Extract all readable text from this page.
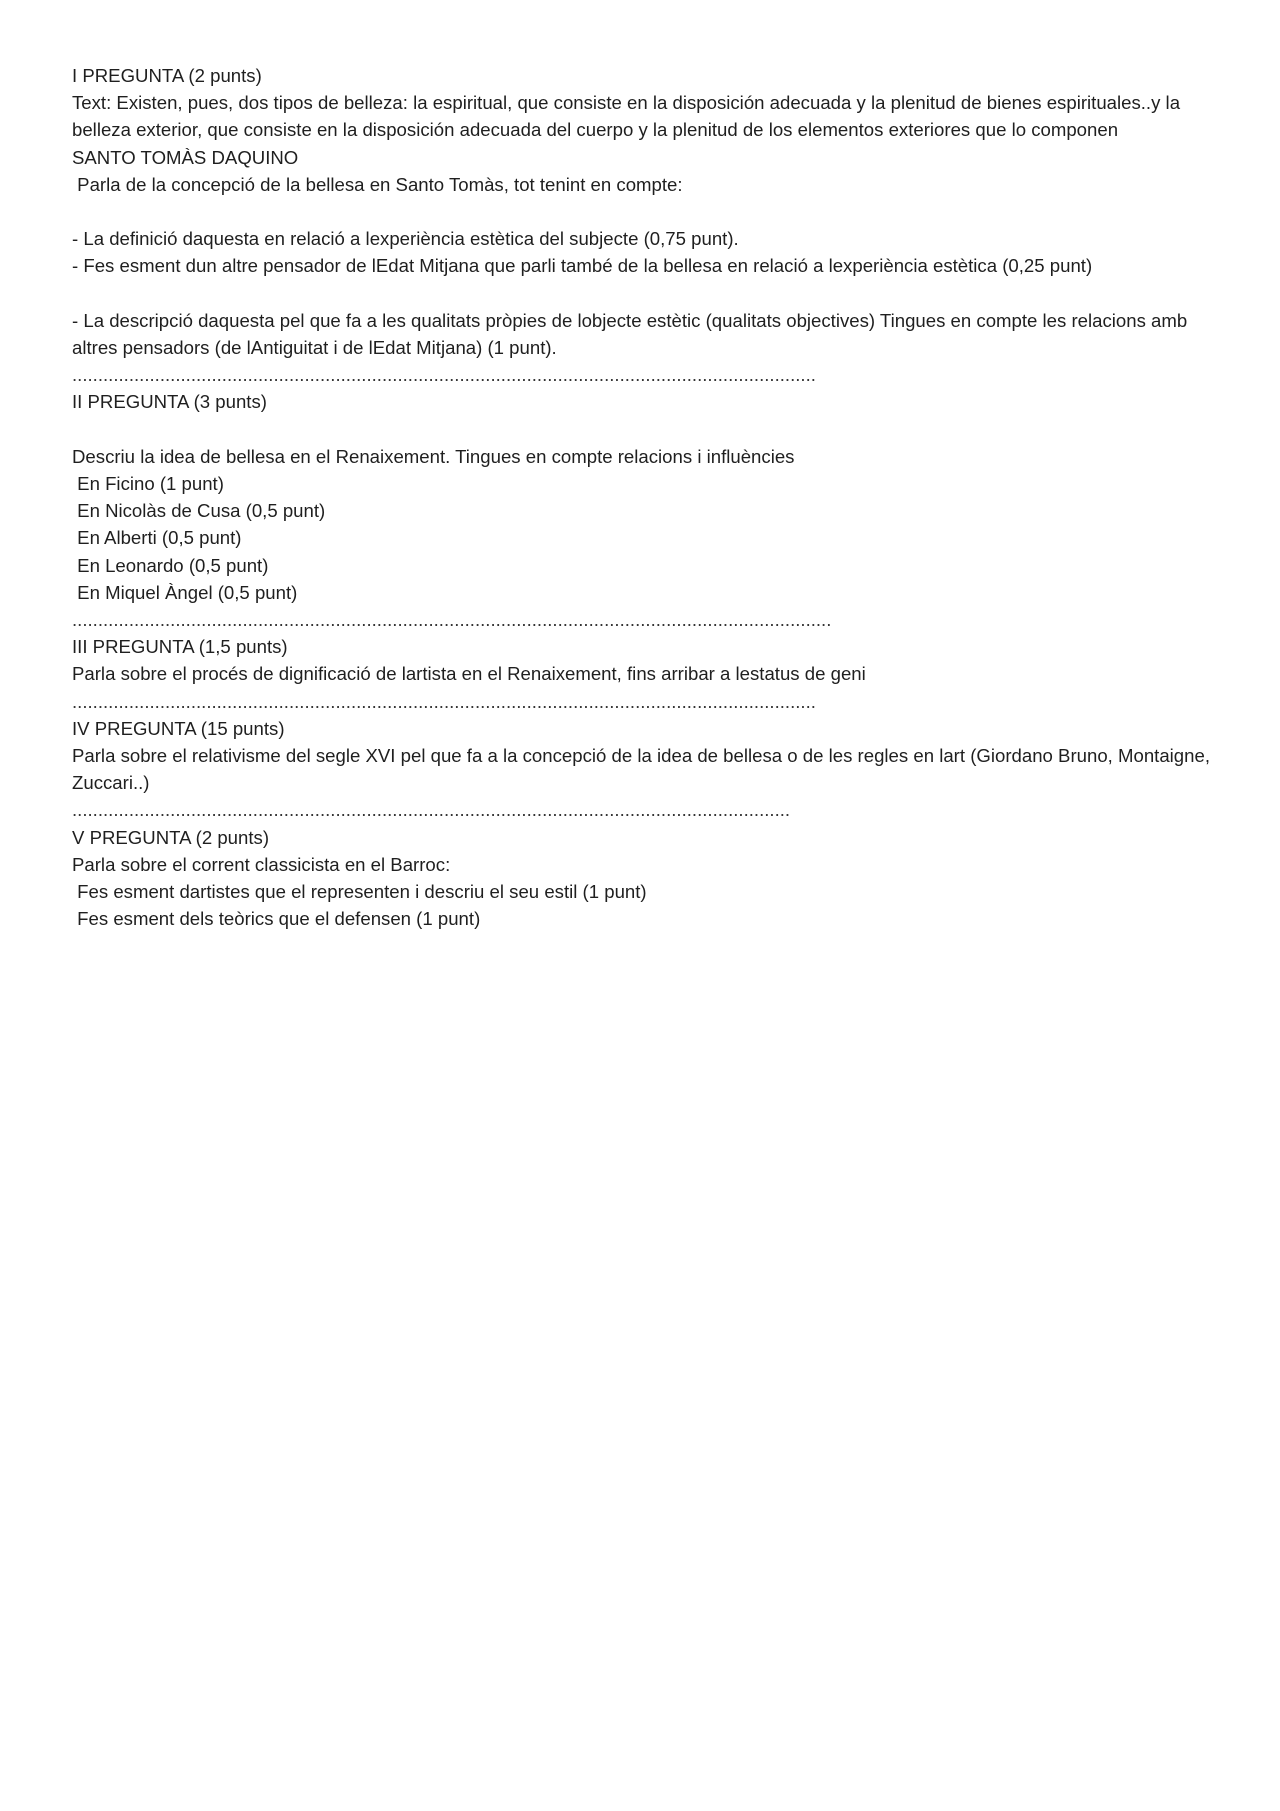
I PREGUNTA (2 punts)
Text: Existen, pues, dos tipos de belleza: la espiritual, que consiste en la disposición adecuada y la plenitud de bienes espirituales..y la belleza exterior, que consiste en la disposición adecuada del cuerpo y la plenitud de los elementos exteriores que lo componen
SANTO TOMÀS DAQUINO
Parla de la concepció de la bellesa en Santo Tomàs, tot tenint en compte:
- La definició daquesta en relació a lexperiència estètica del subjecte (0,75 punt).
- Fes esment dun altre pensador de lEdat Mitjana que parli també de la bellesa en relació a lexperiència estètica (0,25 punt)
- La descripció daquesta pel que fa a les qualitats pròpies de lobjecte estètic (qualitats objectives) Tingues en compte les relacions amb altres pensadors (de lAntiguitat i de lEdat Mitjana) (1 punt).
................................................................................................................................................
II PREGUNTA (3 punts)
Descriu la idea de bellesa en el Renaixement. Tingues en compte relacions i influències
En Ficino (1 punt)
En Nicolàs de Cusa (0,5 punt)
En Alberti (0,5 punt)
En Leonardo (0,5 punt)
En Miquel Àngel (0,5 punt)
...................................................................................................................................................
III PREGUNTA (1,5 punts)
Parla sobre el procés de dignificació de lartista en el Renaixement, fins arribar a lestatus de geni
................................................................................................................................................
IV PREGUNTA (15 punts)
Parla sobre el relativisme del segle XVI pel que fa a la concepció de la idea de bellesa o de les regles en lart (Giordano Bruno, Montaigne, Zuccari..)
...........................................................................................................................................
V PREGUNTA (2 punts)
Parla sobre el corrent classicista en el Barroc:
Fes esment dartistes que el representen i descriu el seu estil (1 punt)
Fes esment dels teòrics que el defensen (1 punt)
